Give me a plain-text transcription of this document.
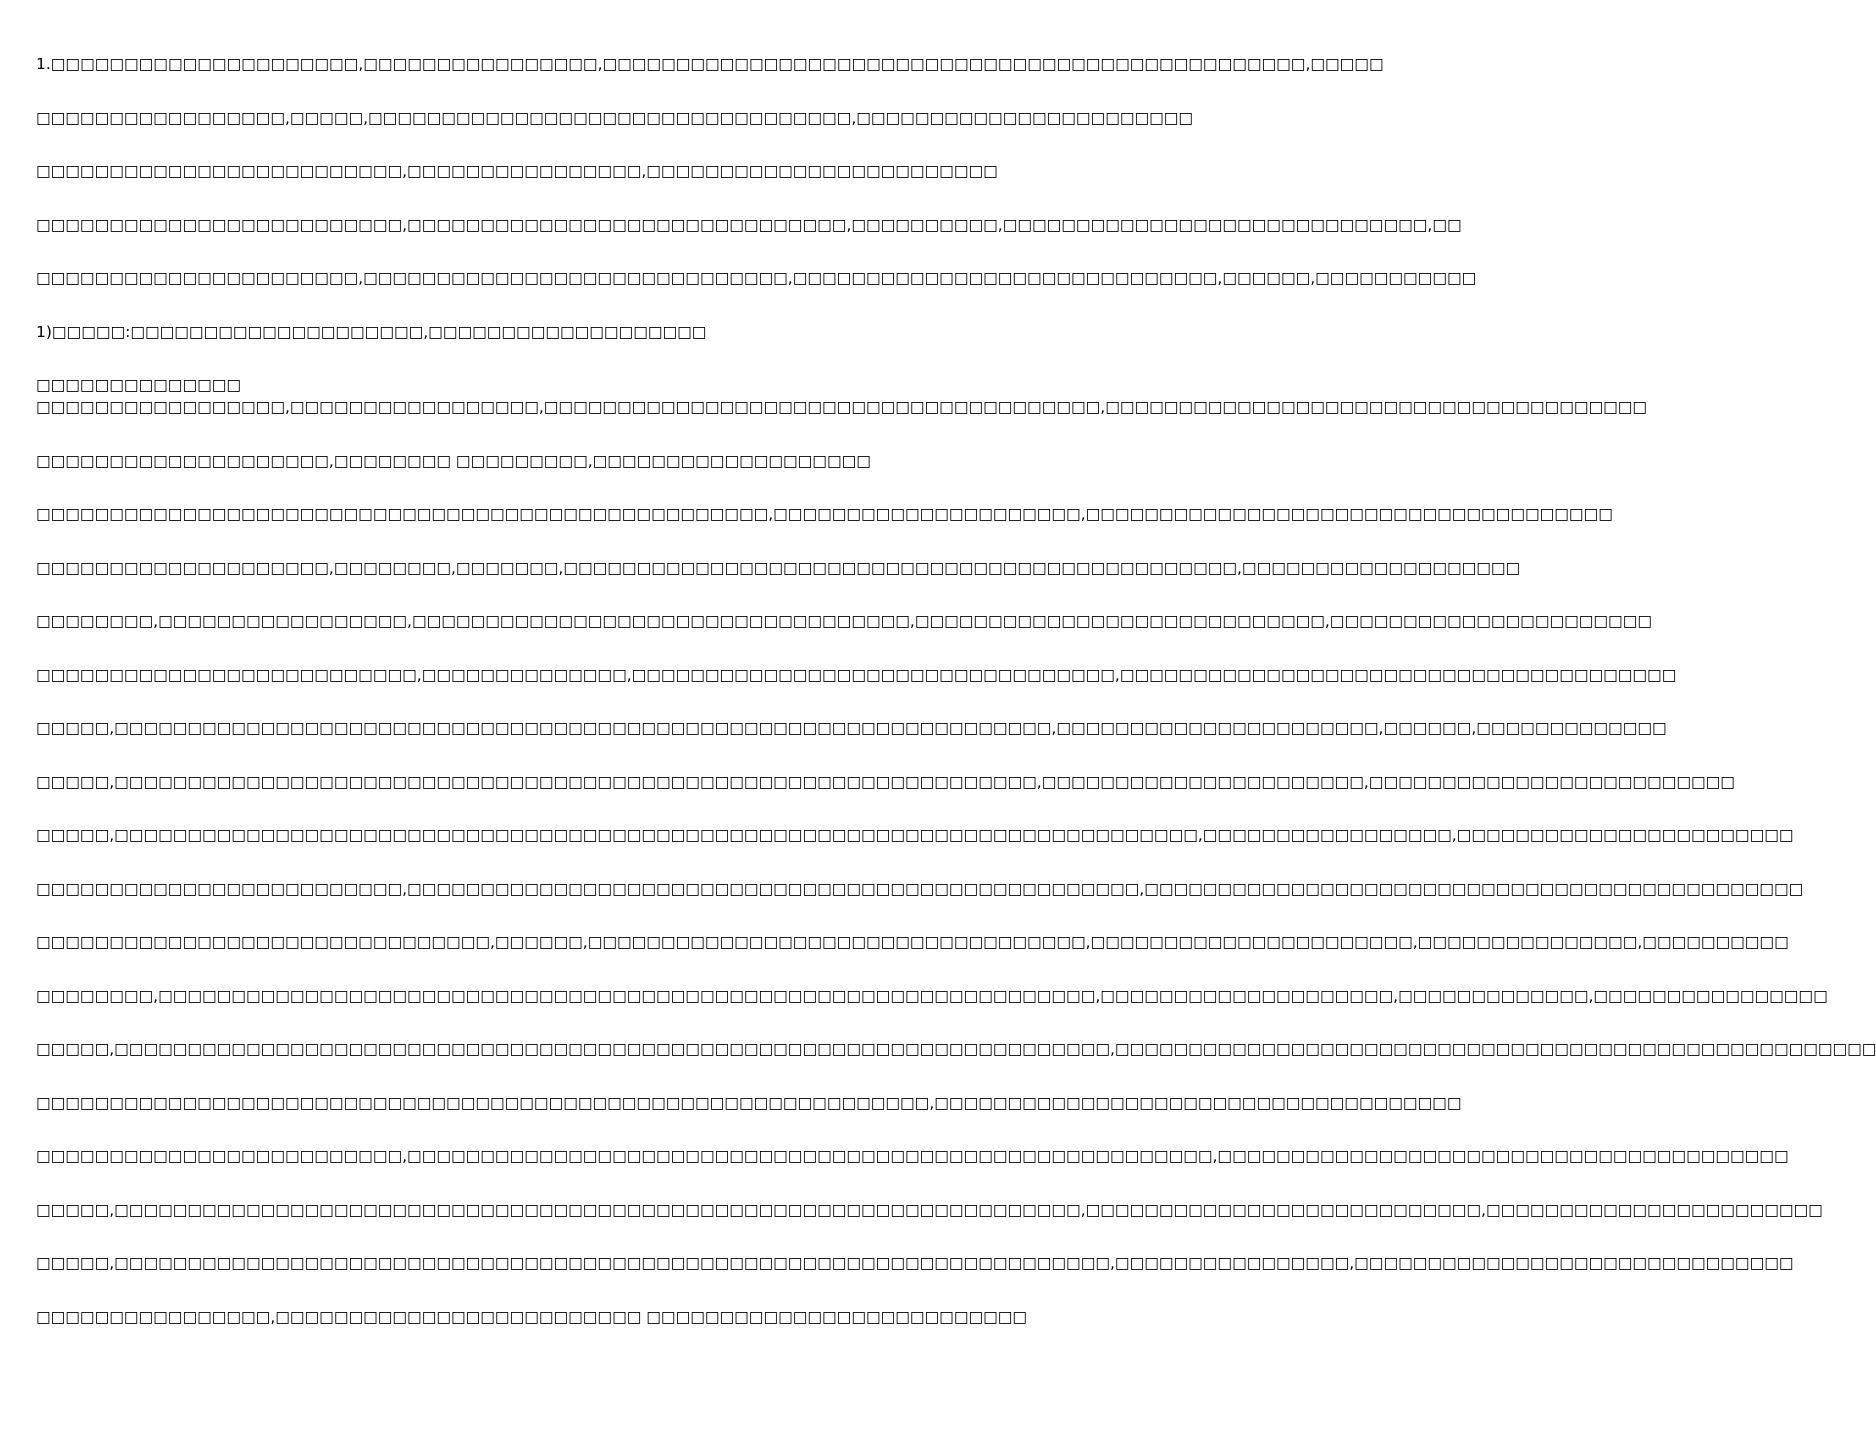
1.□□□□□□□□□□□□□□□□□□□□□,□□□□□□□□□□□□□□□□,□□□□□□□□□□□□□□□□□□□□□□□□□□□□□□□□□□□□□□□□□□□□□□□□,□□□□□
□□□□□□□□□□□□□□□□□,□□□□□,□□□□□□□□□□□□□□□□□□□□□□□□□□□□□□□□□,□□□□□□□□□□□□□□□□□□□□□□□
□□□□□□□□□□□□□□□□□□□□□□□□□,□□□□□□□□□□□□□□□□,□□□□□□□□□□□□□□□□□□□□□□□□
□□□□□□□□□□□□□□□□□□□□□□□□□,□□□□□□□□□□□□□□□□□□□□□□□□□□□□□□,□□□□□□□□□□,□□□□□□□□□□□□□□□□□□□□□□□□□□□□□,□□
□□□□□□□□□□□□□□□□□□□□□□,□□□□□□□□□□□□□□□□□□□□□□□□□□□□□,□□□□□□□□□□□□□□□□□□□□□□□□□□□□□,□□□□□□,□□□□□□□□□□□
1)□□□□□:□□□□□□□□□□□□□□□□□□□□,□□□□□□□□□□□□□□□□□□□
□□□□□□□□□□□□□□
□□□□□□□□□□□□□□□□□,□□□□□□□□□□□□□□□□□,□□□□□□□□□□□□□□□□□□□□□□□□□□□□□□□□□□□□□□,□□□□□□□□□□□□□□□□□□□□□□□□□□□□□□□□□□□□□
□□□□□□□□□□□□□□□□□□□□,□□□□□□□□ □□□□□□□□□,□□□□□□□□□□□□□□□□□□□
□□□□□□□□□□□□□□□□□□□□□□□□□□□□□□□□□□□□□□□□□□□□□□□□□□,□□□□□□□□□□□□□□□□□□□□□,□□□□□□□□□□□□□□□□□□□□□□□□□□□□□□□□□□□□
□□□□□□□□□□□□□□□□□□□□,□□□□□□□□,□□□□□□□,□□□□□□□□□□□□□□□□□□□□□□□□□□□□□□□□□□□□□□□□□□□□□□,□□□□□□□□□□□□□□□□□□□
□□□□□□□□,□□□□□□□□□□□□□□□□□,□□□□□□□□□□□□□□□□□□□□□□□□□□□□□□□□□□,□□□□□□□□□□□□□□□□□□□□□□□□□□□□,□□□□□□□□□□□□□□□□□□□□□□
□□□□□□□□□□□□□□□□□□□□□□□□□□,□□□□□□□□□□□□□□,□□□□□□□□□□□□□□□□□□□□□□□□□□□□□□□□□,□□□□□□□□□□□□□□□□□□□□□□□□□□□□□□□□□□□□□□
□□□□□,□□□□□□□□□□□□□□□□□□□□□□□□□□□□□□□□□□□□□□□□□□□□□□□□□□□□□□□□□□□□□□□□,□□□□□□□□□□□□□□□□□□□□□□,□□□□□□,□□□□□□□□□□□□□
□□□□□,□□□□□□□□□□□□□□□□□□□□□□□□□□□□□□□□□□□□□□□□□□□□□□□□□□□□□□□□□□□□□□□,□□□□□□□□□□□□□□□□□□□□□□,□□□□□□□□□□□□□□□□□□□□□□□□□
□□□□□,□□□□□□□□□□□□□□□□□□□□□□□□□□□□□□□□□□□□□□□□□□□□□□□□□□□□□□□□□□□□□□□□□□□□□□□□□□,□□□□□□□□□□□□□□□□□,□□□□□□□□□□□□□□□□□□□□□□□
□□□□□□□□□□□□□□□□□□□□□□□□□,□□□□□□□□□□□□□□□□□□□□□□□□□□□□□□□□□□□□□□□□□□□□□□□□□□,□□□□□□□□□□□□□□□□□□□□□□□□□□□□□□□□□□□□□□□□□□□□□
□□□□□□□□□□□□□□□□□□□□□□□□□□□□□□□,□□□□□□,□□□□□□□□□□□□□□□□□□□□□□□□□□□□□□□□□□,□□□□□□□□□□□□□□□□□□□□□□,□□□□□□□□□□□□□□□,□□□□□□□□□□
□□□□□□□□,□□□□□□□□□□□□□□□□□□□□□□□□□□□□□□□□□□□□□□□□□□□□□□□□□□□□□□□□□□□□□□□□,□□□□□□□□□□□□□□□□□□□□,□□□□□□□□□□□□□,□□□□□□□□□□□□□□□□
□□□□□,□□□□□□□□□□□□□□□□□□□□□□□□□□□□□□□□□□□□□□□□□□□□□□□□□□□□□□□□□□□□□□□□□□□□,□□□□□□□□□□□□□□□□□□□□□□□□□□□□□□□□□□□□□□□□□□□□□□□□□□□□
□□□□□□□□□□□□□□□□□□□□□□□□□□□□□□□□□□□□□□□□□□□□□□□□□□□□□□□□□□□□□,□□□□□□□□□□□□□□□□□□□□□□□□□□□□□□□□□□□□
□□□□□□□□□□□□□□□□□□□□□□□□□,□□□□□□□□□□□□□□□□□□□□□□□□□□□□□□□□□□□□□□□□□□□□□□□□□□□□□□□,□□□□□□□□□□□□□□□□□□□□□□□□□□□□□□□□□□□□□□□
□□□□□,□□□□□□□□□□□□□□□□□□□□□□□□□□□□□□□□□□□□□□□□□□□□□□□□□□□□□□□□□□□□□□□□□□,□□□□□□□□□□□□□□□□□□□□□□□□□□□,□□□□□□□□□□□□□□□□□□□□□□□
□□□□□,□□□□□□□□□□□□□□□□□□□□□□□□□□□□□□□□□□□□□□□□□□□□□□□□□□□□□□□□□□□□□□□□□□□□,□□□□□□□□□□□□□□□□,□□□□□□□□□□□□□□□□□□□□□□□□□□□□□□
□□□□□□□□□□□□□□□□,□□□□□□□□□□□□□□□□□□□□□□□□□ □□□□□□□□□□□□□□□□□□□□□□□□□□
